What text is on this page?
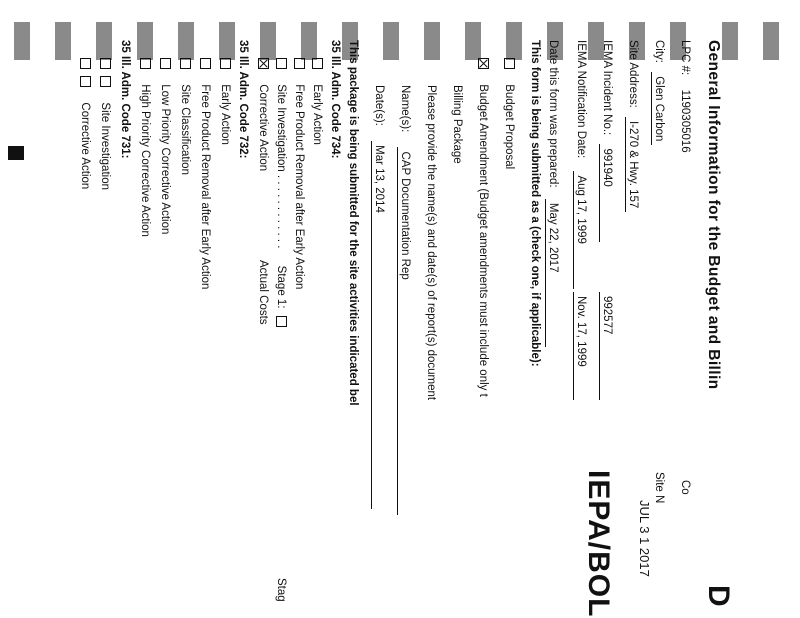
General Information for the Budget and Billin
D
LPC #:  1190305016
Co
City: Glen Carbon
Site N
Site Address: I-270 & Hwy. 157
IEMA Incident No.: 991940
992577
IEMA Notification Date: Aug 17, 1999
Nov. 17, 1999
Date this form was prepared: May 22, 2017
This form is being submitted as a (check one, if applicable):
Budget Proposal
Budget Amendment (Budget amendments must include only t
Billing Package
Please provide the name(s) and date(s) of report(s) document
Name(s): CAP Documentation Rep
Date(s): Mar 13, 2014
This package is being submitted for the site activities indicated bel
35 Ill. Adm. Code 734:
Early Action
Free Product Removal after Early Action
Site Investigation . . . . . . . . . . . . Stage 1:
Stag
Corrective Action
Actual Costs
35 Ill. Adm. Code 732:
Early Action
Free Product Removal after Early Action
Site Classification
Low Priority Corrective Action
High Priority Corrective Action
35 Ill. Adm. Code 731:
Site Investigation
Corrective Action
IEPA/BOL JUL 3 1 2017
